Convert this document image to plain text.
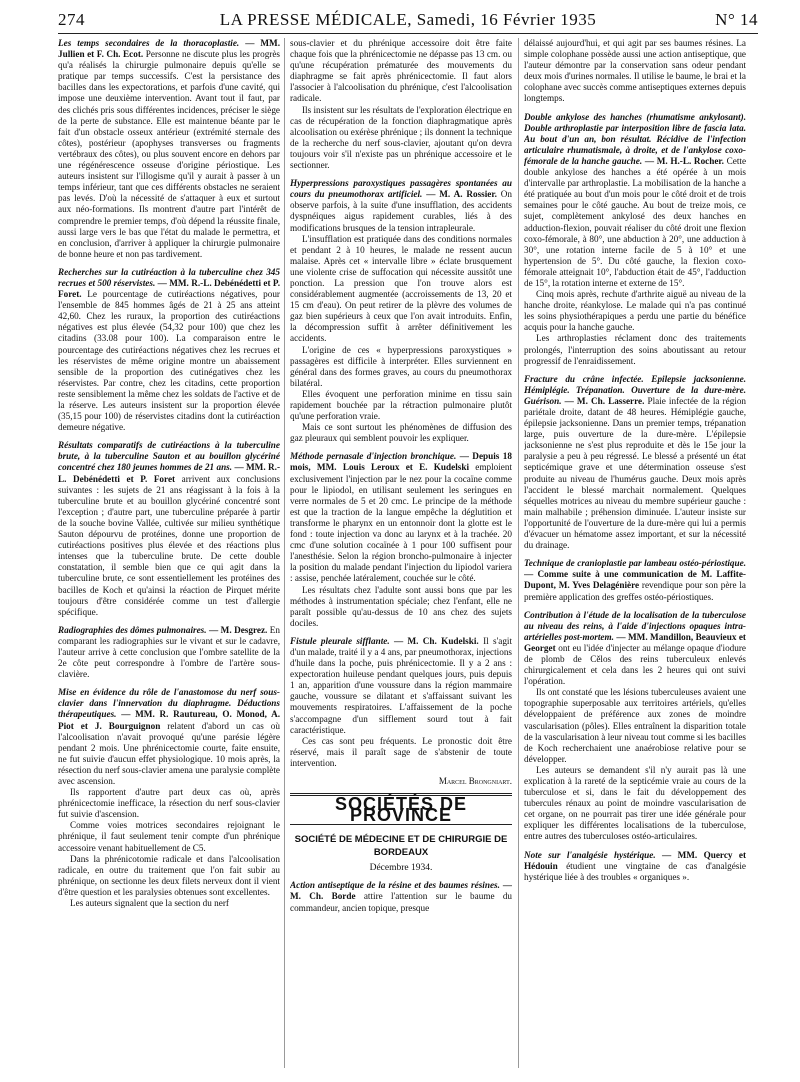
274	LA PRESSE MÉDICALE, Samedi, 16 Février 1935	N° 14

Les temps secondaires de la thoracoplastie. — MM. Jullien et F. Ch. Ecot. Personne ne discute plus les progrès qu'a réalisés la chirurgie pulmonaire depuis qu'elle se pratique par temps successifs. C'est la persistance des bacilles dans les expectorations, et parfois d'une cavité, qui impose une deuxième intervention. Avant tout il faut, par des clichés pris sous différentes incidences, préciser le siège de la perte de substance. Elle est maintenue béante par le fait d'un obstacle osseux antérieur (extrémité sternale des côtes), postérieur (apophyses transverses ou fragments vertébraux des côtes), ou plus souvent encore en dehors par une régénérescence osseuse d'origine périostique. Les auteurs insistent sur l'illogisme qu'il y aurait à passer à un temps inférieur, tant que ces différents obstacles ne seraient pas levés. D'où la nécessité de s'attaquer à eux et surtout aux néo-formations. Ils montrent d'autre part l'intérêt de comprendre le premier temps, d'où dépend la réussite finale, aussi large vers le bas que l'état du malade le permettra, et en conclusion, d'arriver à appliquer la chirurgie pulmonaire de bonne heure et non pas tardivement.

Recherches sur la cutiréaction à la tuberculine chez 345 recrues et 500 réservistes. — MM. R.-L. Debénédetti et P. Foret. Le pourcentage de cutiréactions négatives, pour l'ensemble de 845 hommes âgés de 21 à 25 ans atteint 42,60. Chez les ruraux, la proportion des cutiréactions négatives est plus élevée (54,32 pour 100) que chez les citadins (33.08 pour 100). La comparaison entre le pourcentage des cutiréactions négatives chez les recrues et les réservistes de même origine montre un abaissement sensible de la proportion des cutinégatives chez les réservistes. Par contre, chez les citadins, cette proportion reste sensiblement la même chez les soldats de l'active et de la réserve. Les auteurs insistent sur la proportion élevée (35,15 pour 100) de réservistes citadins dont la cutiréaction demeure négative.

Résultats comparatifs de cutiréactions à la tuberculine brute, à la tuberculine Sauton et au bouillon glycériné concentré chez 180 jeunes hommes de 21 ans. — MM. R.-L. Debénédetti et P. Foret arrivent aux conclusions suivantes : les sujets de 21 ans réagissant à la fois à la tuberculine brute et au bouillon glycériné concentré sont l'exception ; d'autre part, une tuberculine préparée à partir de la souche bovine Vallée, cultivée sur milieu synthétique Sauton dépourvu de protéines, donne une proportion de cutiréactions positives plus élevée et des réactions plus intenses que la tuberculine brute. De cette double constatation, il semble bien que ce qui agit dans la tuberculine brute, ce sont essentiellement les protéines des bacilles de Koch et qu'ainsi la réaction de Pirquet mérite toujours d'être considérée comme un test d'allergie spécifique.

Radiographies des dômes pulmonaires. — M. Desgrez. En comparant les radiographies sur le vivant et sur le cadavre, l'auteur arrive à cette conclusion que l'ombre satellite de la 2e côte peut correspondre à l'ombre de l'artère sous-clavière.

Mise en évidence du rôle de l'anastomose du nerf sous-clavier dans l'innervation du diaphragme. Déductions thérapeutiques. — MM. R. Rautureau, O. Monod, A. Piot et J. Bourguignon relatent d'abord un cas où l'alcoolisation n'avait provoqué qu'une parésie légère pendant 2 mois. Une phrénicectomie courte, faite ensuite, ne fut suivie d'aucun effet physiologique. 10 mois après, la résection du nerf sous-clavier amena une paralysie complète avec ascension.

Ils rapportent d'autre part deux cas où, après phrénicectomie inefficace, la résection du nerf sous-clavier fut suivie d'ascension.

Comme voies motrices secondaires rejoignant le phrénique, il faut seulement tenir compte d'un phrénique accessoire venant habituellement de C5.

Dans la phrénicotomie radicale et dans l'alcoolisation radicale, en outre du traitement que l'on fait subir au phrénique, on sectionne les deux filets nerveux dont il vient d'être question et les paralysies obtenues sont excellentes.

Les auteurs signalent que la section du nerf

sous-clavier et du phrénique accessoire doit être faite chaque fois que la phrénicectomie ne dépasse pas 13 cm. ou qu'une récupération prématurée des mouvements du diaphragme se fait après phrénicectomie. Il faut alors l'associer à l'alcoolisation du phrénique, c'est l'alcoolisation radicale.

Ils insistent sur les résultats de l'exploration électrique en cas de récupération de la fonction diaphragmatique après alcoolisation ou exérèse phrénique ; ils donnent la technique de la recherche du nerf sous-clavier, ajoutant qu'on devra toujours voir s'il n'existe pas un phrénique accessoire et le sectionner.

Hyperpressions paroxystiques passagères spontanées au cours du pneumothorax artificiel. — M. A. Rossier. On observe parfois, à la suite d'une insufflation, des accidents dyspnéiques aigus rapidement curables, liés à des modifications brusques de la tension intrapleurale.

L'insufflation est pratiquée dans des conditions normales et pendant 2 à 10 heures, le malade ne ressent aucun malaise. Après cet « intervalle libre » éclate brusquement une violente crise de suffocation qui nécessite aussitôt une ponction. La pression que l'on trouve alors est considérablement augmentée (accroissements de 13, 20 et 15 cm d'eau). On peut retirer de la plèvre des volumes de gaz bien supérieurs à ceux que l'on avait introduits. Enfin, la décompression suffit à arrêter définitivement les accidents.

L'origine de ces « hyperpressions paroxystiques » passagères est difficile à interpréter. Elles surviennent en général dans des formes graves, au cours du pneumothorax bilatéral.

Elles évoquent une perforation minime en tissu sain rapidement bouchée par la rétraction pulmonaire plutôt qu'une perforation vraie.

Mais ce sont surtout les phénomènes de diffusion des gaz pleuraux qui semblent pouvoir les expliquer.

Méthode pernasale d'injection bronchique. — Depuis 18 mois, MM. Louis Leroux et E. Kudelski emploient exclusivement l'injection par le nez pour la cocaïne comme pour le lipiodol, en utilisant seulement les seringues en verre normales de 5 et 20 cmc. Le principe de la méthode est que la traction de la langue empêche la déglutition et transforme le pharynx en un entonnoir dont la glotte est le fond : toute injection va donc au larynx et à la trachée. 20 cmc d'une solution cocaïnée à 1 pour 100 suffisent pour l'anesthésie. Selon la région broncho-pulmonaire à injecter la position du malade pendant l'injection du lipiodol variera : assise, penchée latéralement, couchée sur le côté.

Les résultats chez l'adulte sont aussi bons que par les méthodes à instrumentation spéciale; chez l'enfant, elle ne paraît possible qu'au-dessus de 10 ans chez des sujets dociles.

Fistule pleurale sifflante. — M. Ch. Kudelski. Il s'agit d'un malade, traité il y a 4 ans, par pneumothorax, injections d'huile dans la poche, puis phrénicectomie. Il y a 2 ans : expectoration huileuse pendant quelques jours, puis depuis 1 an, apparition d'une voussure dans la région mammaire gauche, voussure se dilatant et s'affaissant suivant les mouvements respiratoires. L'affaissement de la poche s'accompagne d'un sifflement sourd tout à fait caractéristique.

Ces cas sont peu fréquents. Le pronostic doit être réservé, mais il paraît sage de s'abstenir de toute intervention.

Marcel Brongniart.
SOCIÉTÉS DE PROVINCE
SOCIÉTÉ DE MÉDECINE ET DE CHIRURGIE DE BORDEAUX
Décembre 1934.

Action antiseptique de la résine et des baumes résines. — M. Ch. Borde attire l'attention sur le baume du commandeur, ancien topique, presque

délaissé aujourd'hui, et qui agit par ses baumes résines. La simple colophane possède aussi une action antiseptique, que l'auteur démontre par la conservation sans odeur pendant deux mois d'urines normales. Il utilise le baume, le brai et la colophane avec succès comme antiseptiques externes depuis longtemps.

Double ankylose des hanches (rhumatisme ankylosant). Double arthroplastie par interposition libre de fascia lata. Au bout d'un an, bon résultat. Récidive de l'infection articulaire rhumatismale, à droite, et de l'ankylose coxo-fémorale de la hanche gauche. — M. H.-L. Rocher. Cette double ankylose des hanches a été opérée à un mois d'intervalle par arthroplastie. La mobilisation de la hanche a été pratiquée au bout d'un mois pour le côté droit et de trois semaines pour le côté gauche. Au bout de treize mois, ce sujet, complètement ankylosé des deux hanches en adduction-flexion, pouvait réaliser du côté droit une flexion coxo-fémorale, à 80°, une abduction à 20°, une adduction à 30°, une rotation interne facile de 5 à 10° et une hypertension de 5°. Du côté gauche, la flexion coxo-fémorale atteignait 10°, l'abduction était de 45°, l'adduction de 15°, la rotation interne et externe de 15°.

Cinq mois après, rechute d'arthrite aiguë au niveau de la hanche droite, réankylose. Le malade qui n'a pas continué les soins physiothérapiques a perdu une partie du bénéfice acquis pour la hanche gauche.

Les arthroplasties réclament donc des traitements prolongés, l'interruption des soins aboutissant au retour progressif de l'enraidissement.

Fracture du crâne infectée. Epilepsie jacksonienne. Hémiplégie. Trépanation. Ouverture de la dure-mère. Guérison. — M. Ch. Lasserre. Plaie infectée de la région pariétale droite, datant de 48 heures. Hémiplégie gauche, épilepsie jacksonienne. Dans un premier temps, trépanation large, puis ouverture de la dure-mère. L'épilepsie jacksonienne ne s'est plus reproduite et dès le 15e jour la paralysie a peu à peu régressé. Le blessé a présenté un état septicémique grave et une détermination osseuse s'est produite au niveau de l'humérus gauche. Deux mois après l'accident le blessé marchait normalement. Quelques séquelles motrices au niveau du membre supérieur gauche : main malhabile ; préhension diminuée. L'auteur insiste sur l'opportunité de l'ouverture de la dure-mère qui lui a permis d'évacuer un hématome assez important, et sur la nécessité du drainage.

Technique de cranioplastie par lambeau ostéo-périostique. — Comme suite à une communication de M. Laffite-Dupont, M. Yves Delagénière revendique pour son père la première application des greffes ostéo-périostiques.

Contribution à l'étude de la localisation de la tuberculose au niveau des reins, à l'aide d'injections opaques intra-artérielles post-mortem. — MM. Mandillon, Beauvieux et Georget ont eu l'idée d'injecter au mélange opaque d'iodure de plomb de Cělos des reins tuberculeux enlevés chirurgicalement et cela dans les 2 heures qui ont suivi l'opération.

Ils ont constaté que les lésions tuberculeuses avaient une topographie superposable aux territoires artériels, qu'elles développaient de préférence aux zones de moindre vascularisation (pôles). Elles entraînent la disparition totale de la vascularisation à leur niveau tout comme si les bacilles de Koch recherchaient une anaérobiose relative pour se développer.

Les auteurs se demandent s'il n'y aurait pas là une explication à la rareté de la septicémie vraie au cours de la tuberculose et si, dans le fait du développement des tubercules rénaux au point de moindre vascularisation de cet organe, on ne pourrait pas tirer une idée générale pour expliquer les différentes localisations de la tuberculose, entre autres des tuberculoses ostéo-articulaires.

Note sur l'analgésie hystérique. — MM. Quercy et Hédouin étudient une vingtaine de cas d'analgésie hystérique liée à des troubles « organiques ».
